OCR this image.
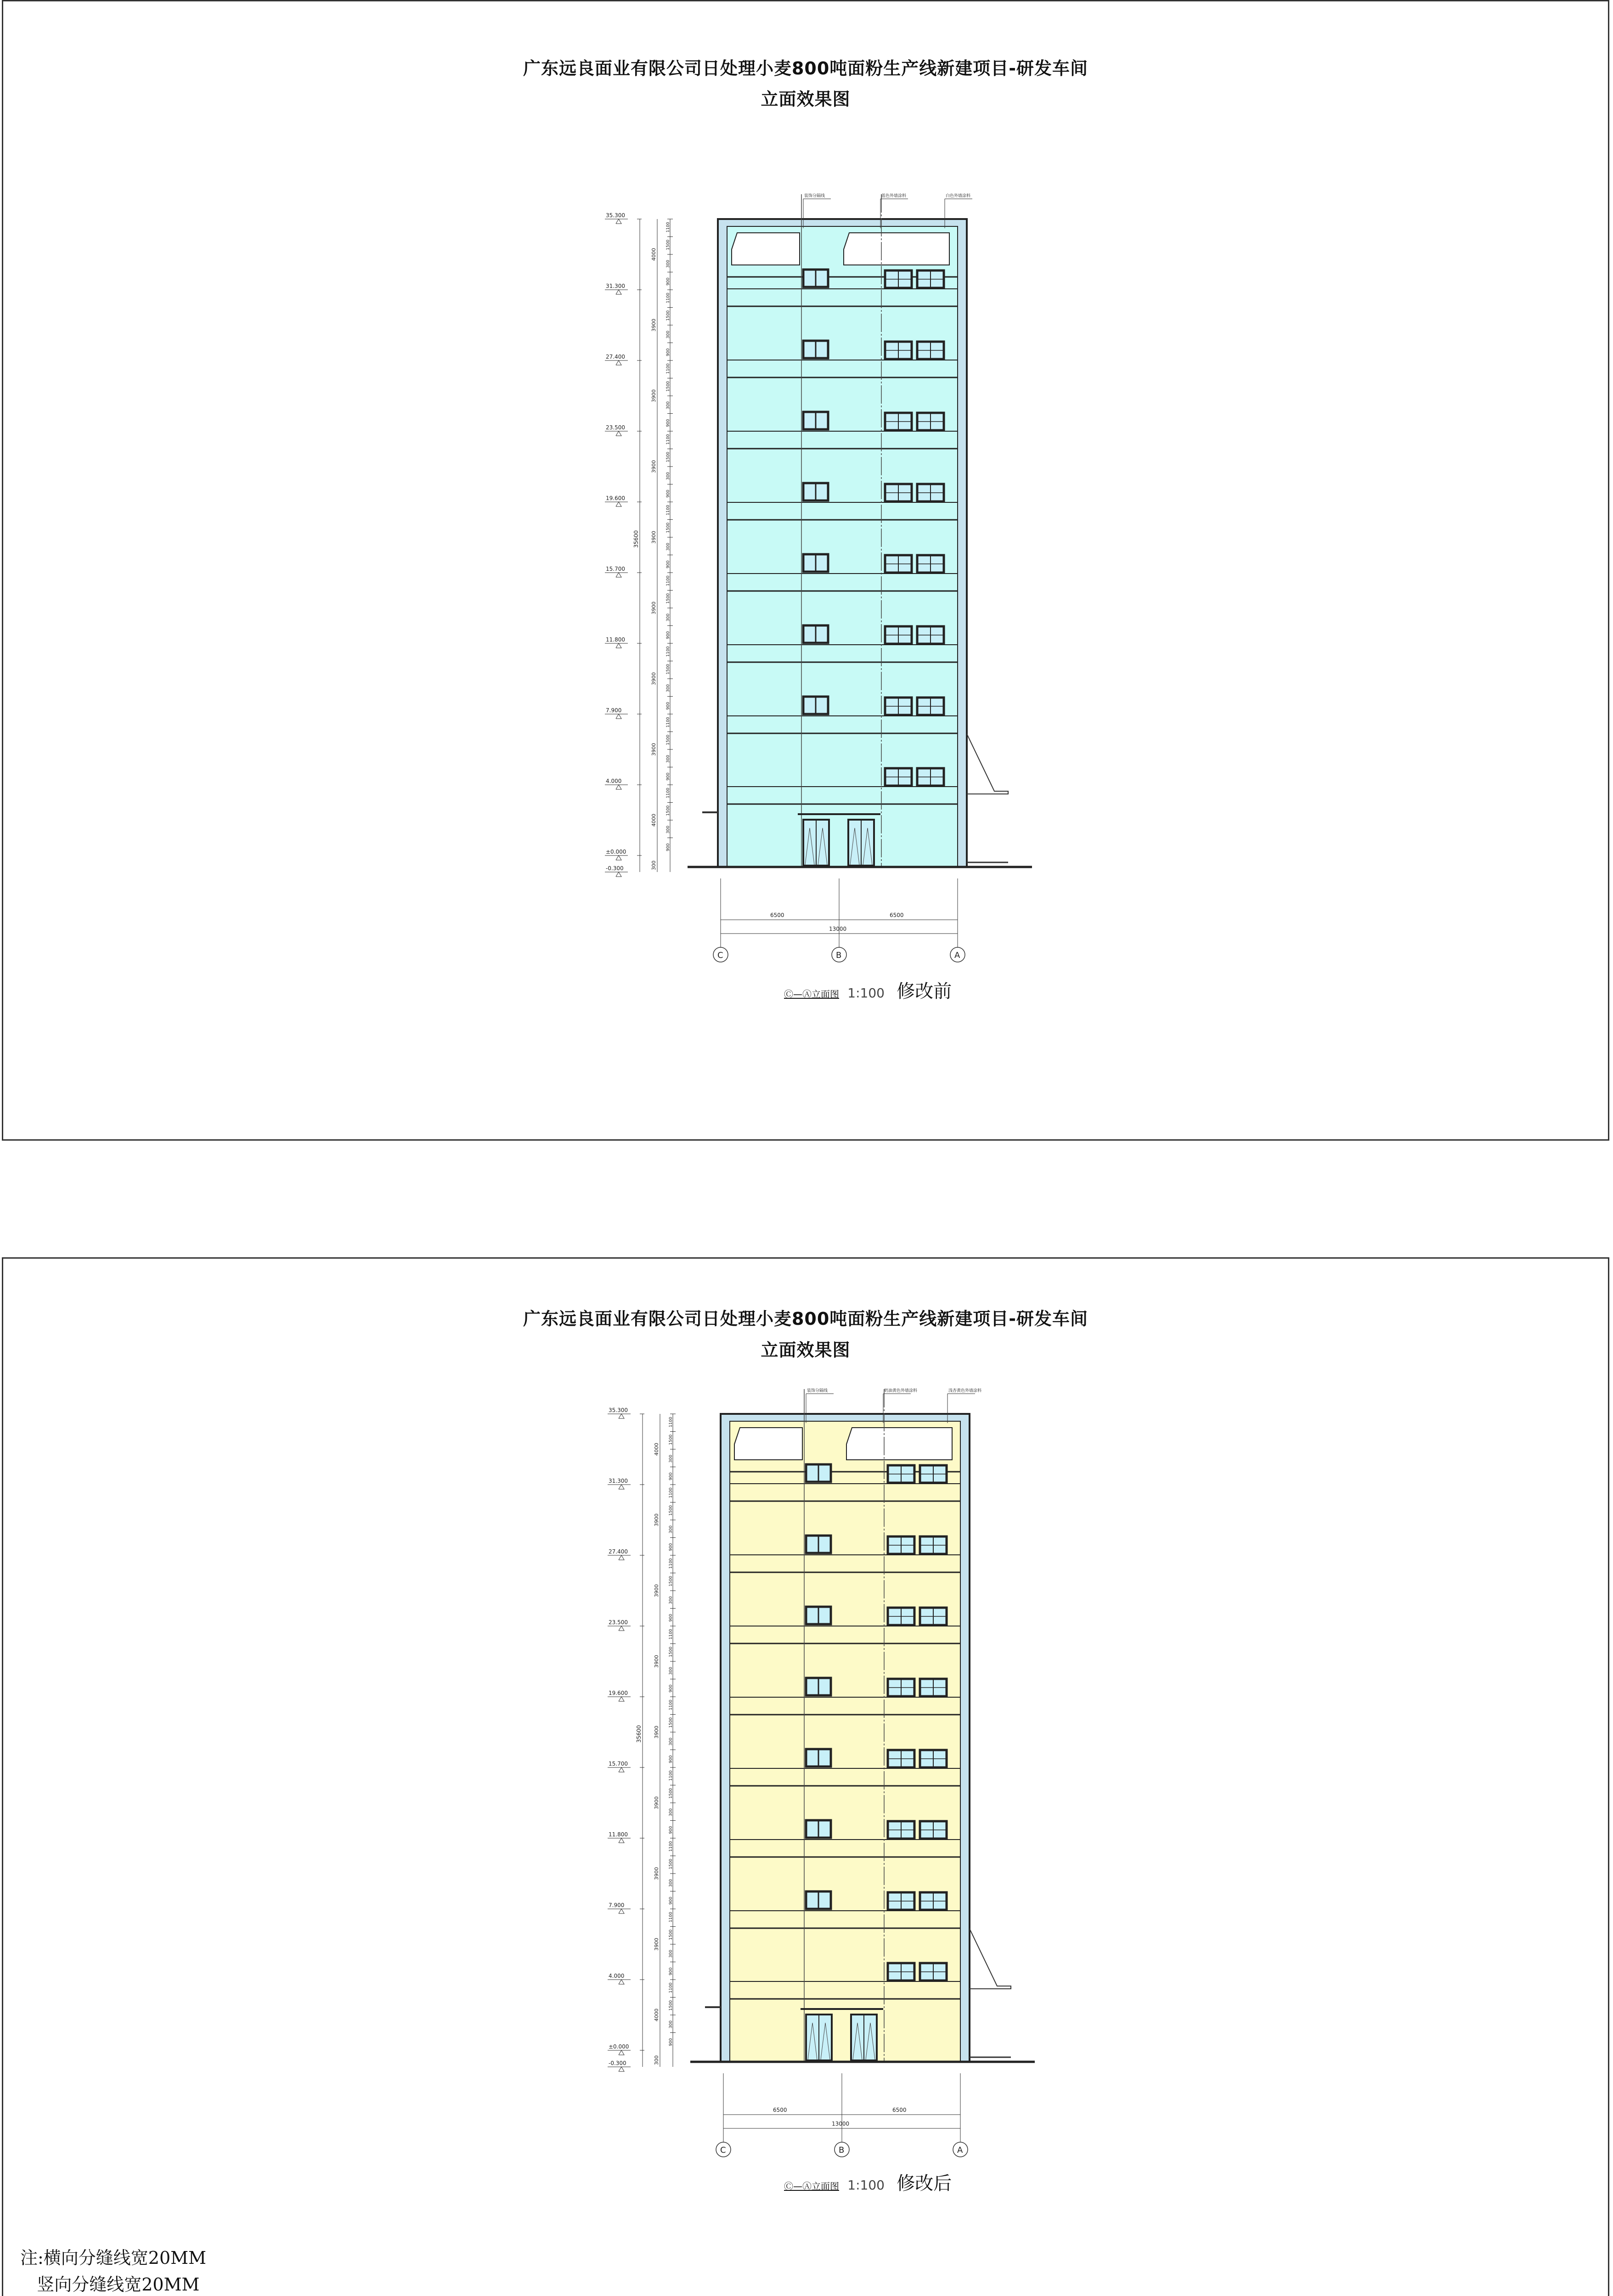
广东远良面业有限公司日处理小麦800吨面粉生产线新建项目-研发车间
立面效果图
装饰分隔线	蓝色外墙涂料	白色外墙涂料
35.300
31.300
27.400
23.500
19.600
15.700
11.800
7.900
4.000
±0.000
-0.300
35600
4000
3900
3900
3900
3900
3900
3900
3900
4000
300
1100
1500
300
900
1100
1500
300
900
1100
1500
300
900
1100
1500
300
900
1100
1500
300
900
1100
1500
300
900
1100
1500
300
900
1100
1500
300
900
1100
1500
300
900
6500	6500
13000
C	B	A
Ⓒ—Ⓐ立面图 1:100 修改前
广东远良面业有限公司日处理小麦800吨面粉生产线新建项目-研发车间
立面效果图
装饰分隔线	奶油黄色外墙涂料	浅杏黄色外墙涂料
35.300
31.300
27.400
23.500
19.600
15.700
11.800
7.900
4.000
±0.000
-0.300
35600
4000
3900
3900
3900
3900
3900
3900
3900
4000
300
1100
1500
300
900
1100
1500
300
900
1100
1500
300
900
1100
1500
300
900
1100
1500
300
900
1100
1500
300
900
1100
1500
300
900
1100
1500
300
900
1100
1500
300
900
6500	6500
13000
C	B	A
Ⓒ—Ⓐ立面图 1:100 修改后
注:横向分缝线宽20MM
竖向分缝线宽20MM
